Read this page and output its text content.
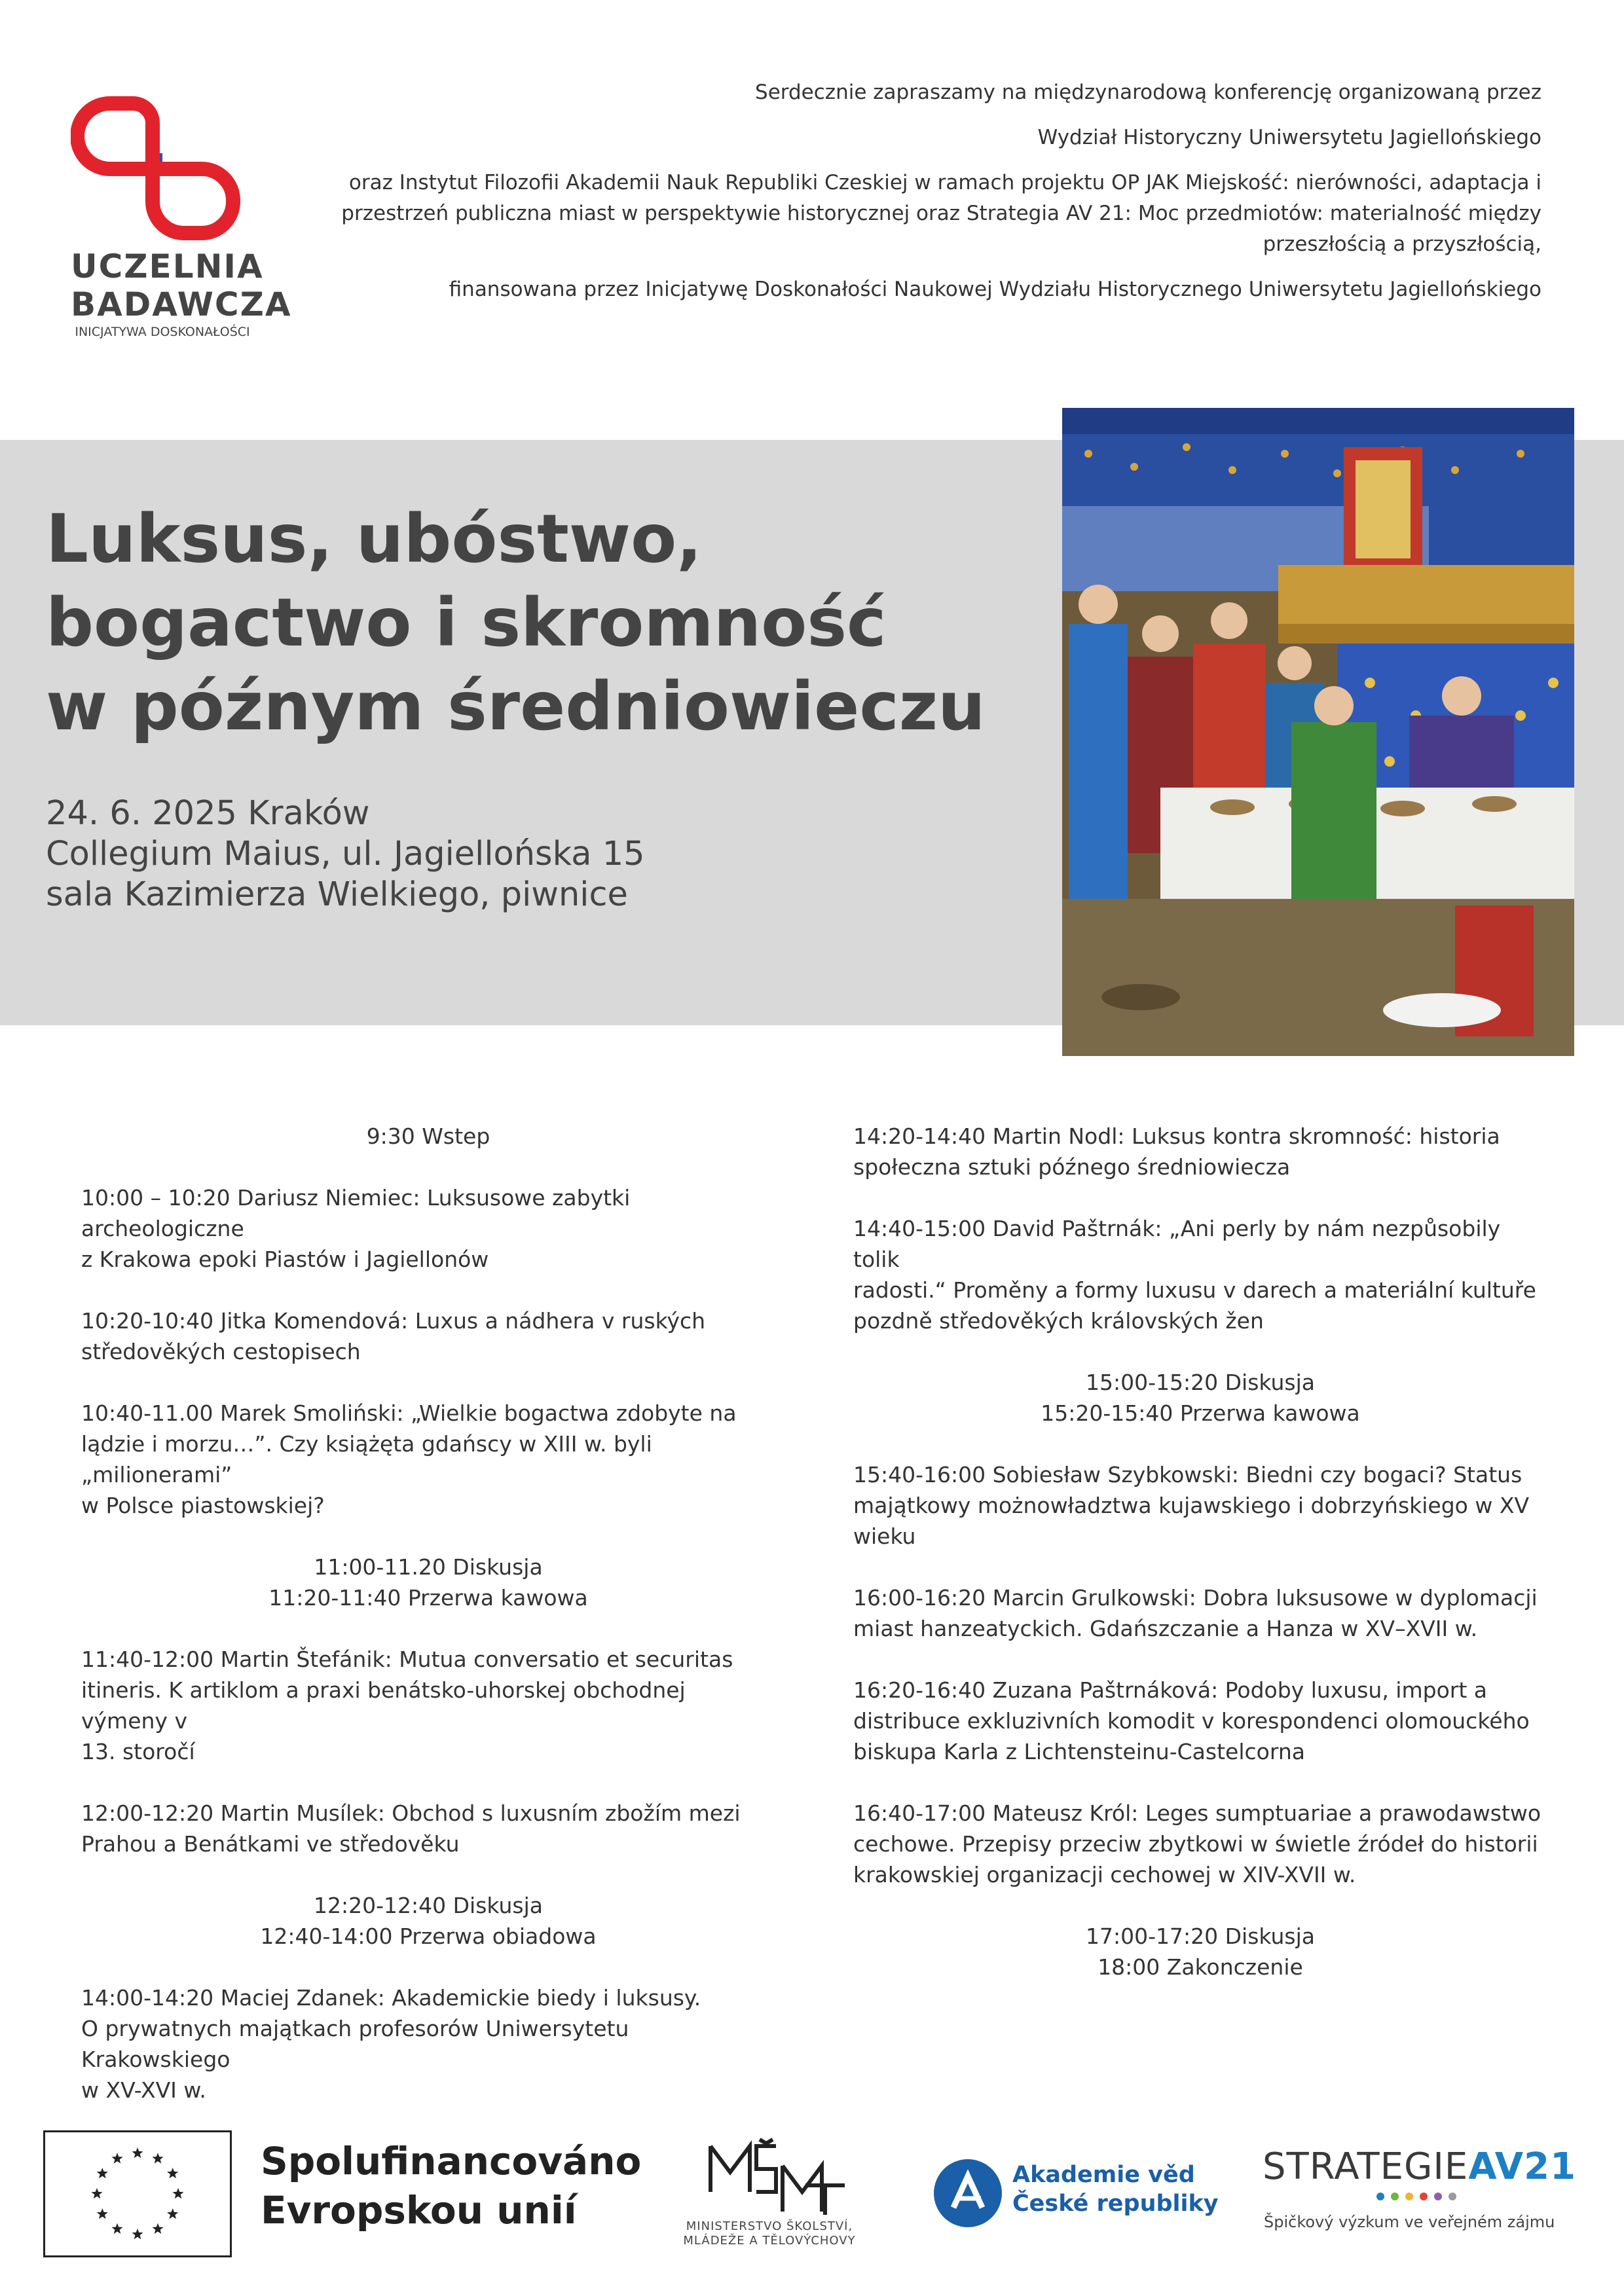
UCZELNIA
BADAWCZA
INICJATYWA DOSKONAŁOŚCI

Serdecznie zapraszamy na międzynarodową konferencję organizowaną przez

Wydział Historyczny Uniwersytetu Jagiellońskiego

oraz Instytut Filozofii Akademii Nauk Republiki Czeskiej w ramach projektu OP JAK Miejskość: nierówności, adaptacja i przestrzeń publiczna miast w perspektywie historycznej oraz Strategia AV 21: Moc przedmiotów: materialność między przeszłością a przyszłością,

finansowana przez Inicjatywę Doskonałości Naukowej Wydziału Historycznego Uniwersytetu Jagiellońskiego

Luksus, ubóstwo,
bogactwo i skromność
w późnym średniowieczu
24. 6. 2025 Kraków
Collegium Maius, ul. Jagiellońska 15
sala Kazimierza Wielkiego, piwnice
9:30 Wstep
10:00 – 10:20 Dariusz Niemiec: Luksusowe zabytki archeologiczne
z Krakowa epoki Piastów i Jagiellonów
10:20-10:40 Jitka Komendová: Luxus a nádhera v ruských
středověkých cestopisech
10:40-11.00 Marek Smoliński: „Wielkie bogactwa zdobyte na
lądzie i morzu…”. Czy książęta gdańscy w XIII w. byli „milionerami”
w Polsce piastowskiej?
11:00-11.20 Diskusja
11:20-11:40 Przerwa kawowa
11:40-12:00 Martin Štefánik: Mutua conversatio et securitas
itineris. K artiklom a praxi benátsko-uhorskej obchodnej výmeny v
13. storočí
12:00-12:20 Martin Musílek: Obchod s luxusním zbožím mezi
Prahou a Benátkami ve středověku
12:20-12:40 Diskusja
12:40-14:00 Przerwa obiadowa
14:00-14:20 Maciej Zdanek: Akademickie biedy i luksusy.
O prywatnych majątkach profesorów Uniwersytetu Krakowskiego
w XV-XVI w.
14:20-14:40 Martin Nodl: Luksus kontra skromność: historia
społeczna sztuki późnego średniowiecza
14:40-15:00 David Paštrnák: „Ani perly by nám nezpůsobily tolik
radosti.“ Proměny a formy luxusu v darech a materiální kultuře
pozdně středověkých královských žen
15:00-15:20 Diskusja
15:20-15:40 Przerwa kawowa
15:40-16:00 Sobiesław Szybkowski: Biedni czy bogaci? Status
majątkowy możnowładztwa kujawskiego i dobrzyńskiego w XV
wieku
16:00-16:20 Marcin Grulkowski: Dobra luksusowe w dyplomacji
miast hanzeatyckich. Gdańszczanie a Hanza w XV–XVII w.
16:20-16:40 Zuzana Paštrnáková: Podoby luxusu, import a
distribuce exkluzivních komodit v korespondenci olomouckého
biskupa Karla z Lichtensteinu-Castelcorna
16:40-17:00 Mateusz Król: Leges sumptuariae a prawodawstwo
cechowe. Przepisy przeciw zbytkowi w świetle źródeł do historii
krakowskiej organizacji cechowej w XIV-XVII w.
17:00-17:20 Diskusja
18:00 Zakonczenie
Spolufinancováno
Evropskou unií	MINISTERSTVO ŠKOLSTVÍ,
MLÁDEŽE A TĚLOVÝCHOVY
Akademie věd
České republiky
STRATEGIEAV21
Špičkový výzkum ve veřejném zájmu
